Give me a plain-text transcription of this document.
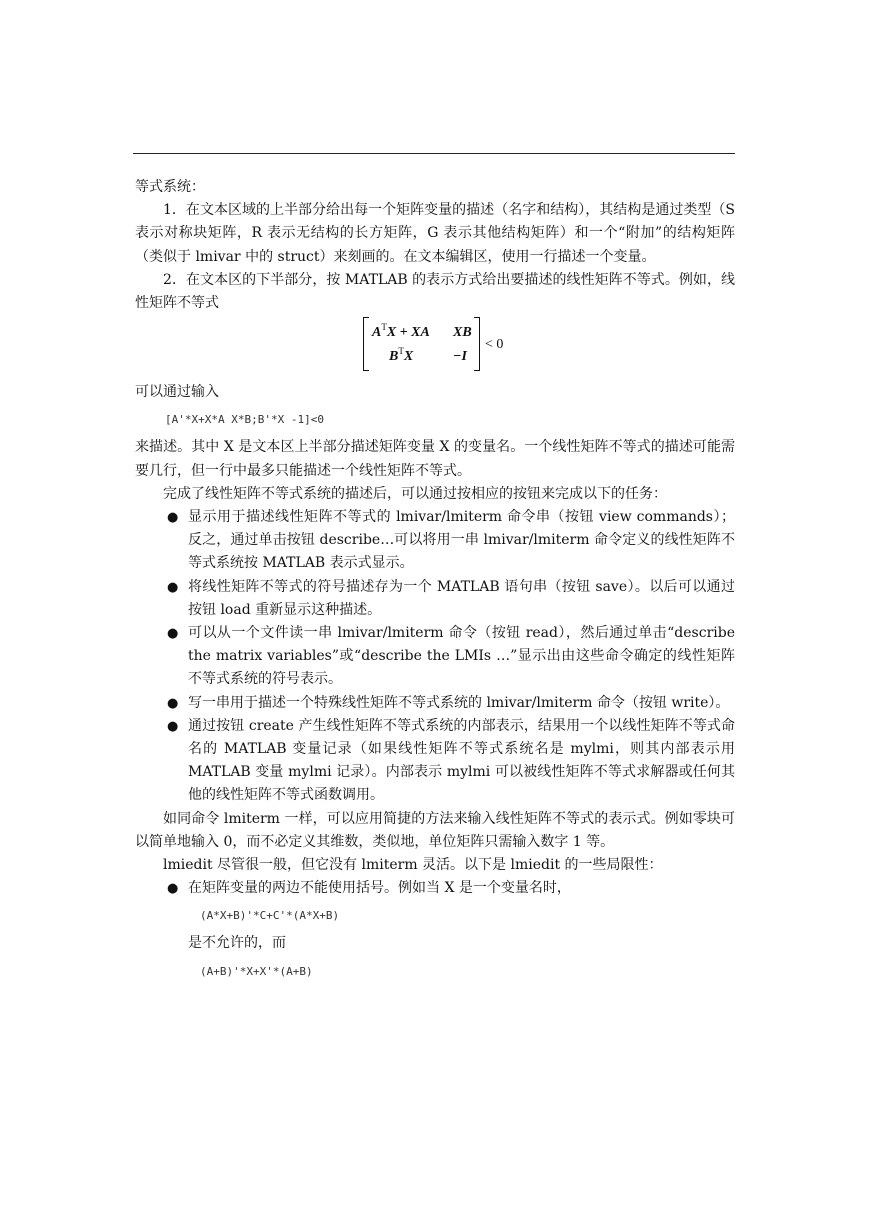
等式系统：

1．在文本区域的上半部分给出每一个矩阵变量的描述（名字和结构），其结构是通过类型（S 表示对称块矩阵，R 表示无结构的长方矩阵，G 表示其他结构矩阵）和一个“附加”的结构矩阵（类似于 lmivar 中的 struct）来刻画的。在文本编辑区，使用一行描述一个变量。

2．在文本区的下半部分，按 MATLAB 的表示方式给出要描述的线性矩阵不等式。例如，线性矩阵不等式

$A^TX$ + XA XB
$B^TX$	−I
< 0

可以通过输入

[A'*X+X*A X*B;B'*X -1]<0

来描述。其中 X 是文本区上半部分描述矩阵变量 X 的变量名。一个线性矩阵不等式的描述可能需要几行，但一行中最多只能描述一个线性矩阵不等式。

完成了线性矩阵不等式系统的描述后，可以通过按相应的按钮来完成以下的任务：

● 显示用于描述线性矩阵不等式的 lmivar/lmiterm 命令串（按钮 view commands）；反之，通过单击按钮 describe…可以将用一串 lmivar/lmiterm 命令定义的线性矩阵不等式系统按 MATLAB 表示式显示。
● 将线性矩阵不等式的符号描述存为一个 MATLAB 语句串（按钮 save）。以后可以通过按钮 load 重新显示这种描述。
● 可以从一个文件读一串 lmivar/lmiterm 命令（按钮 read），然后通过单击“describe the matrix variables”或“describe the LMIs …”显示出由这些命令确定的线性矩阵不等式系统的符号表示。
● 写一串用于描述一个特殊线性矩阵不等式系统的 lmivar/lmiterm 命令（按钮 write）。
● 通过按钮 create 产生线性矩阵不等式系统的内部表示，结果用一个以线性矩阵不等式命名的 MATLAB 变量记录（如果线性矩阵不等式系统名是 mylmi，则其内部表示用 MATLAB 变量 mylmi 记录）。内部表示 mylmi 可以被线性矩阵不等式求解器或任何其他的线性矩阵不等式函数调用。

如同命令 lmiterm 一样，可以应用简捷的方法来输入线性矩阵不等式的表示式。例如零块可以简单地输入 0，而不必定义其维数，类似地，单位矩阵只需输入数字 1 等。

lmiedit 尽管很一般，但它没有 lmiterm 灵活。以下是 lmiedit 的一些局限性：

● 在矩阵变量的两边不能使用括号。例如当 X 是一个变量名时，
(A*X+B)'*C+C'*(A*X+B)

是不允许的，而

(A+B)'*X+X'*(A+B)
